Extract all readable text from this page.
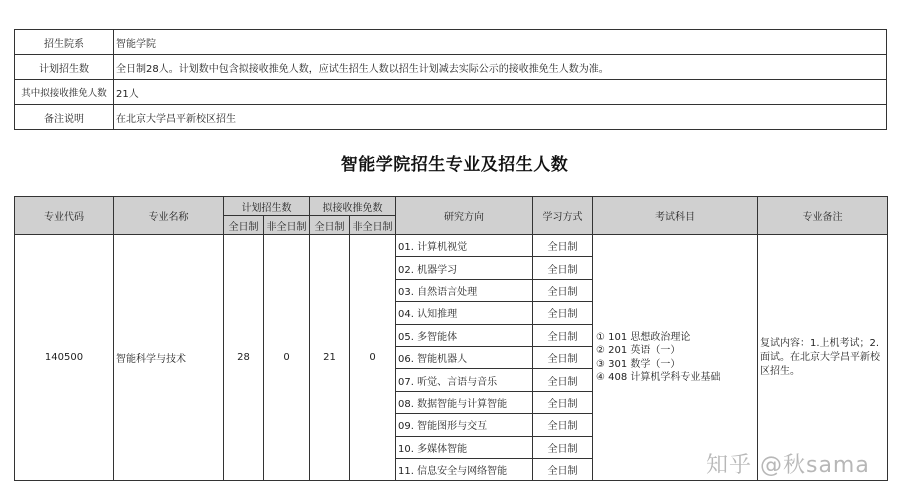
招生院系	智能学院
计划招生数	全日制28人。计划数中包含拟接收推免人数，应试生招生人数以招生计划减去实际公示的接收推免生人数为准。
其中拟接收推免人数	21人
备注说明	在北京大学昌平新校区招生
智能学院招生专业及招生人数
专业代码	专业名称	计划招生数		拟接收推免数		研究方向	学习方式	考试科目	专业备注
		全日制	非全日制	全日制	非全日制				
140500	智能科学与技术	28	0	21	0	01. 计算机视觉	全日制	① 101 思想政治理论
② 201 英语（一）
③ 301 数学（一）
④ 408 计算机学科专业基础	复试内容：1.上机考试；2.面试。在北京大学昌平新校区招生。
						02. 机器学习	全日制		
						03. 自然语言处理	全日制		
						04. 认知推理	全日制		
						05. 多智能体	全日制		
						06. 智能机器人	全日制		
						07. 听觉、言语与音乐	全日制		
						08. 数据智能与计算智能	全日制		
						09. 智能图形与交互	全日制		
						10. 多媒体智能	全日制		
						11. 信息安全与网络智能	全日制			知乎 @秋sama
